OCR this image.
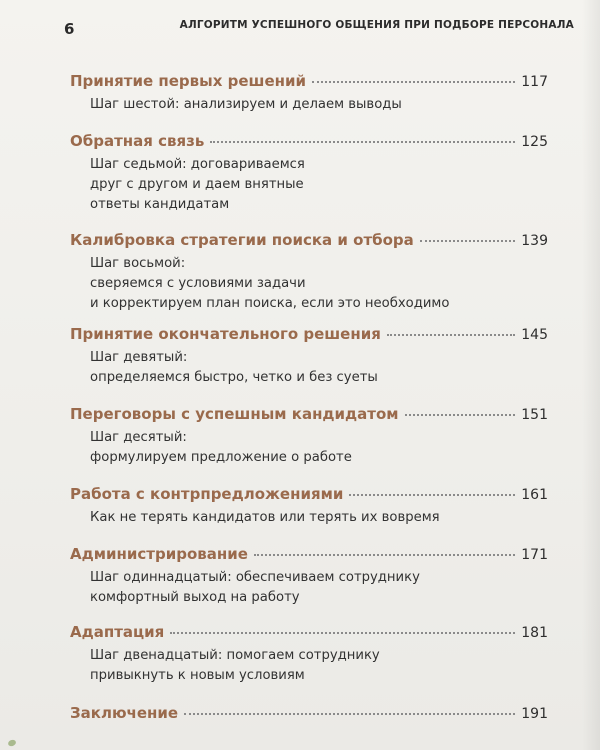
6	АЛГОРИТМ УСПЕШНОГО ОБЩЕНИЯ ПРИ ПОДБОРЕ ПЕРСОНАЛА
Принятие первых решений	117
Шаг шестой: анализируем и делаем выводы
Обратная связь	125
Шаг седьмой: договариваемся
друг с другом и даем внятные
ответы кандидатам
Калибровка стратегии поиска и отбора	139
Шаг восьмой:
сверяемся с условиями задачи
и корректируем план поиска, если это необходимо
Принятие окончательного решения	145
Шаг девятый:
определяемся быстро, четко и без суеты
Переговоры с успешным кандидатом	151
Шаг десятый:
формулируем предложение о работе
Работа с контрпредложениями	161
Как не терять кандидатов или терять их вовремя
Администрирование	171
Шаг одиннадцатый: обеспечиваем сотруднику
комфортный выход на работу
Адаптация	181
Шаг двенадцатый: помогаем сотруднику
привыкнуть к новым условиям
Заключение	191
